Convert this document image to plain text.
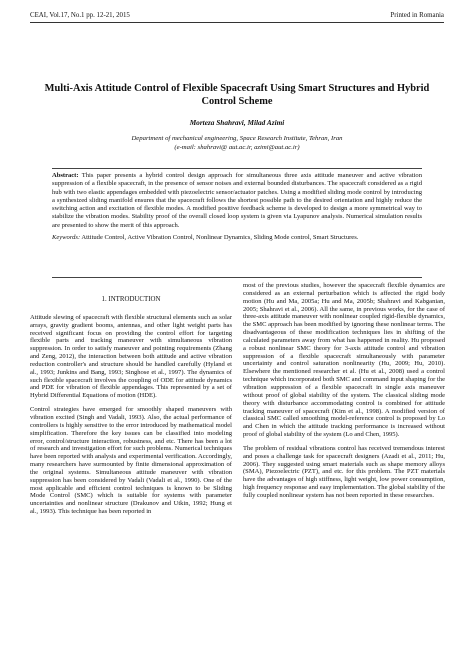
CEAI, Vol.17, No.1 pp. 12-21, 2015	Printed in Romania
Multi-Axis Attitude Control of Flexible Spacecraft Using Smart Structures and Hybrid Control Scheme
Morteza Shahravi, Milad Azimi
Department of mechanical engineering, Space Research Institute, Tehran, Iran
(e-mail: shahravi@ aut.ac.ir, azimi@aut.ac.ir)
Abstract: This paper presents a hybrid control design approach for simultaneous three axis attitude maneuver and active vibration suppression of a flexible spacecraft, in the presence of sensor noises and external bounded disturbances. The spacecraft considered as a rigid hub with two elastic appendages embedded with piezoelectric sensor/actuator patches. Using a modified sliding mode control by introducing a synthesized sliding manifold ensures that the spacecraft follows the shortest possible path to the desired orientation and highly reduce the switching action and excitation of flexible modes. A modified positive feedback scheme is developed to design a more symmetrical way to stabilize the vibration modes. Stability proof of the overall closed loop system is given via Lyapunov analysis. Numerical simulation results are presented to show the merit of this approach.
Keywords: Attitude Control, Active Vibration Control, Nonlinear Dynamics, Sliding Mode control, Smart Structures.
1. INTRODUCTION

Attitude slewing of spacecraft with flexible structural elements such as solar arrays, gravity gradient booms, antennas, and other light weight parts has received significant focus on providing the control effort for targeting flexible parts and tracking maneuver with simultaneous vibration suppression. In order to satisfy maneuver and pointing requirements (Zhang and Zeng, 2012), the interaction between both attitude and active vibration reduction controller's and structure should be handled carefully (Hyland et al., 1993; Junkins and Bang, 1993; Singhose et al., 1997). The dynamics of such flexible spacecraft involves the coupling of ODE for attitude dynamics and PDE for vibration of flexible appendages. This represented by a set of Hybrid Differential Equations of motion (HDE).

Control strategies have emerged for smoothly shaped maneuvers with vibration excited (Singh and Vadali, 1993). Also, the actual performance of controllers is highly sensitive to the error introduced by mathematical model simplification. Therefore the key issues can be classified into modeling error, control/structure interaction, robustness, and etc. There has been a lot of research and investigation effort for such problems. Numerical techniques have been reported with analysis and experimental verification. Accordingly, many researchers have surmounted by finite dimensional approximation of the original systems. Simultaneous attitude maneuver with vibration suppression has been considered by Vadali (Vadali et al., 1990). One of the most applicable and efficient control techniques is known to be Sliding Mode Control (SMC) which is suitable for systems with parameter uncertainties and nonlinear structure (Drakunov and Utkin, 1992; Hung et al., 1993). This technique has been reported in

most of the previous studies, however the spacecraft flexible dynamics are considered as an external perturbation which is affected the rigid body motion (Hu and Ma, 2005a; Hu and Ma, 2005b; Shahravi and Kabganian, 2005; Shahravi et al., 2006). All the same, in previous works, for the case of three-axis attitude maneuver with nonlinear coupled rigid-flexible dynamics, the SMC approach has been modified by ignoring these nonlinear terms. The disadvantageous of these modification techniques lies in shifting of the calculated parameters away from what has happened in reality. Hu proposed a robust nonlinear SMC theory for 3-axis attitude control and vibration suppression of a flexible spacecraft simultaneously with parameter uncertainty and control saturation nonlinearity (Hu, 2009; Hu, 2010). Elsewhere the mentioned researcher et al. (Hu et al., 2008) used a control technique which incorporated both SMC and command input shaping for the vibration suppression of a flexible spacecraft in single axis maneuver without proof of global stability of the system. The classical sliding mode theory with disturbance accommodating control is combined for attitude tracking maneuver of spacecraft (Kim et al., 1998). A modified version of classical SMC called smoothing model-reference control is proposed by Lo and Chen in which the attitude tracking performance is increased without proof of global stability of the system (Lo and Chen, 1995).

The problem of residual vibrations control has received tremendous interest and poses a challenge task for spacecraft designers (Azadi et al., 2011; Hu, 2006). They suggested using smart materials such as shape memory alloys (SMA), Piezoelectric (PZT), and etc. for this problem. The PZT materials have the advantages of high stiffness, light weight, low power consumption, high frequency response and easy implementation. The global stability of the fully coupled nonlinear system has not been reported in these researches.
